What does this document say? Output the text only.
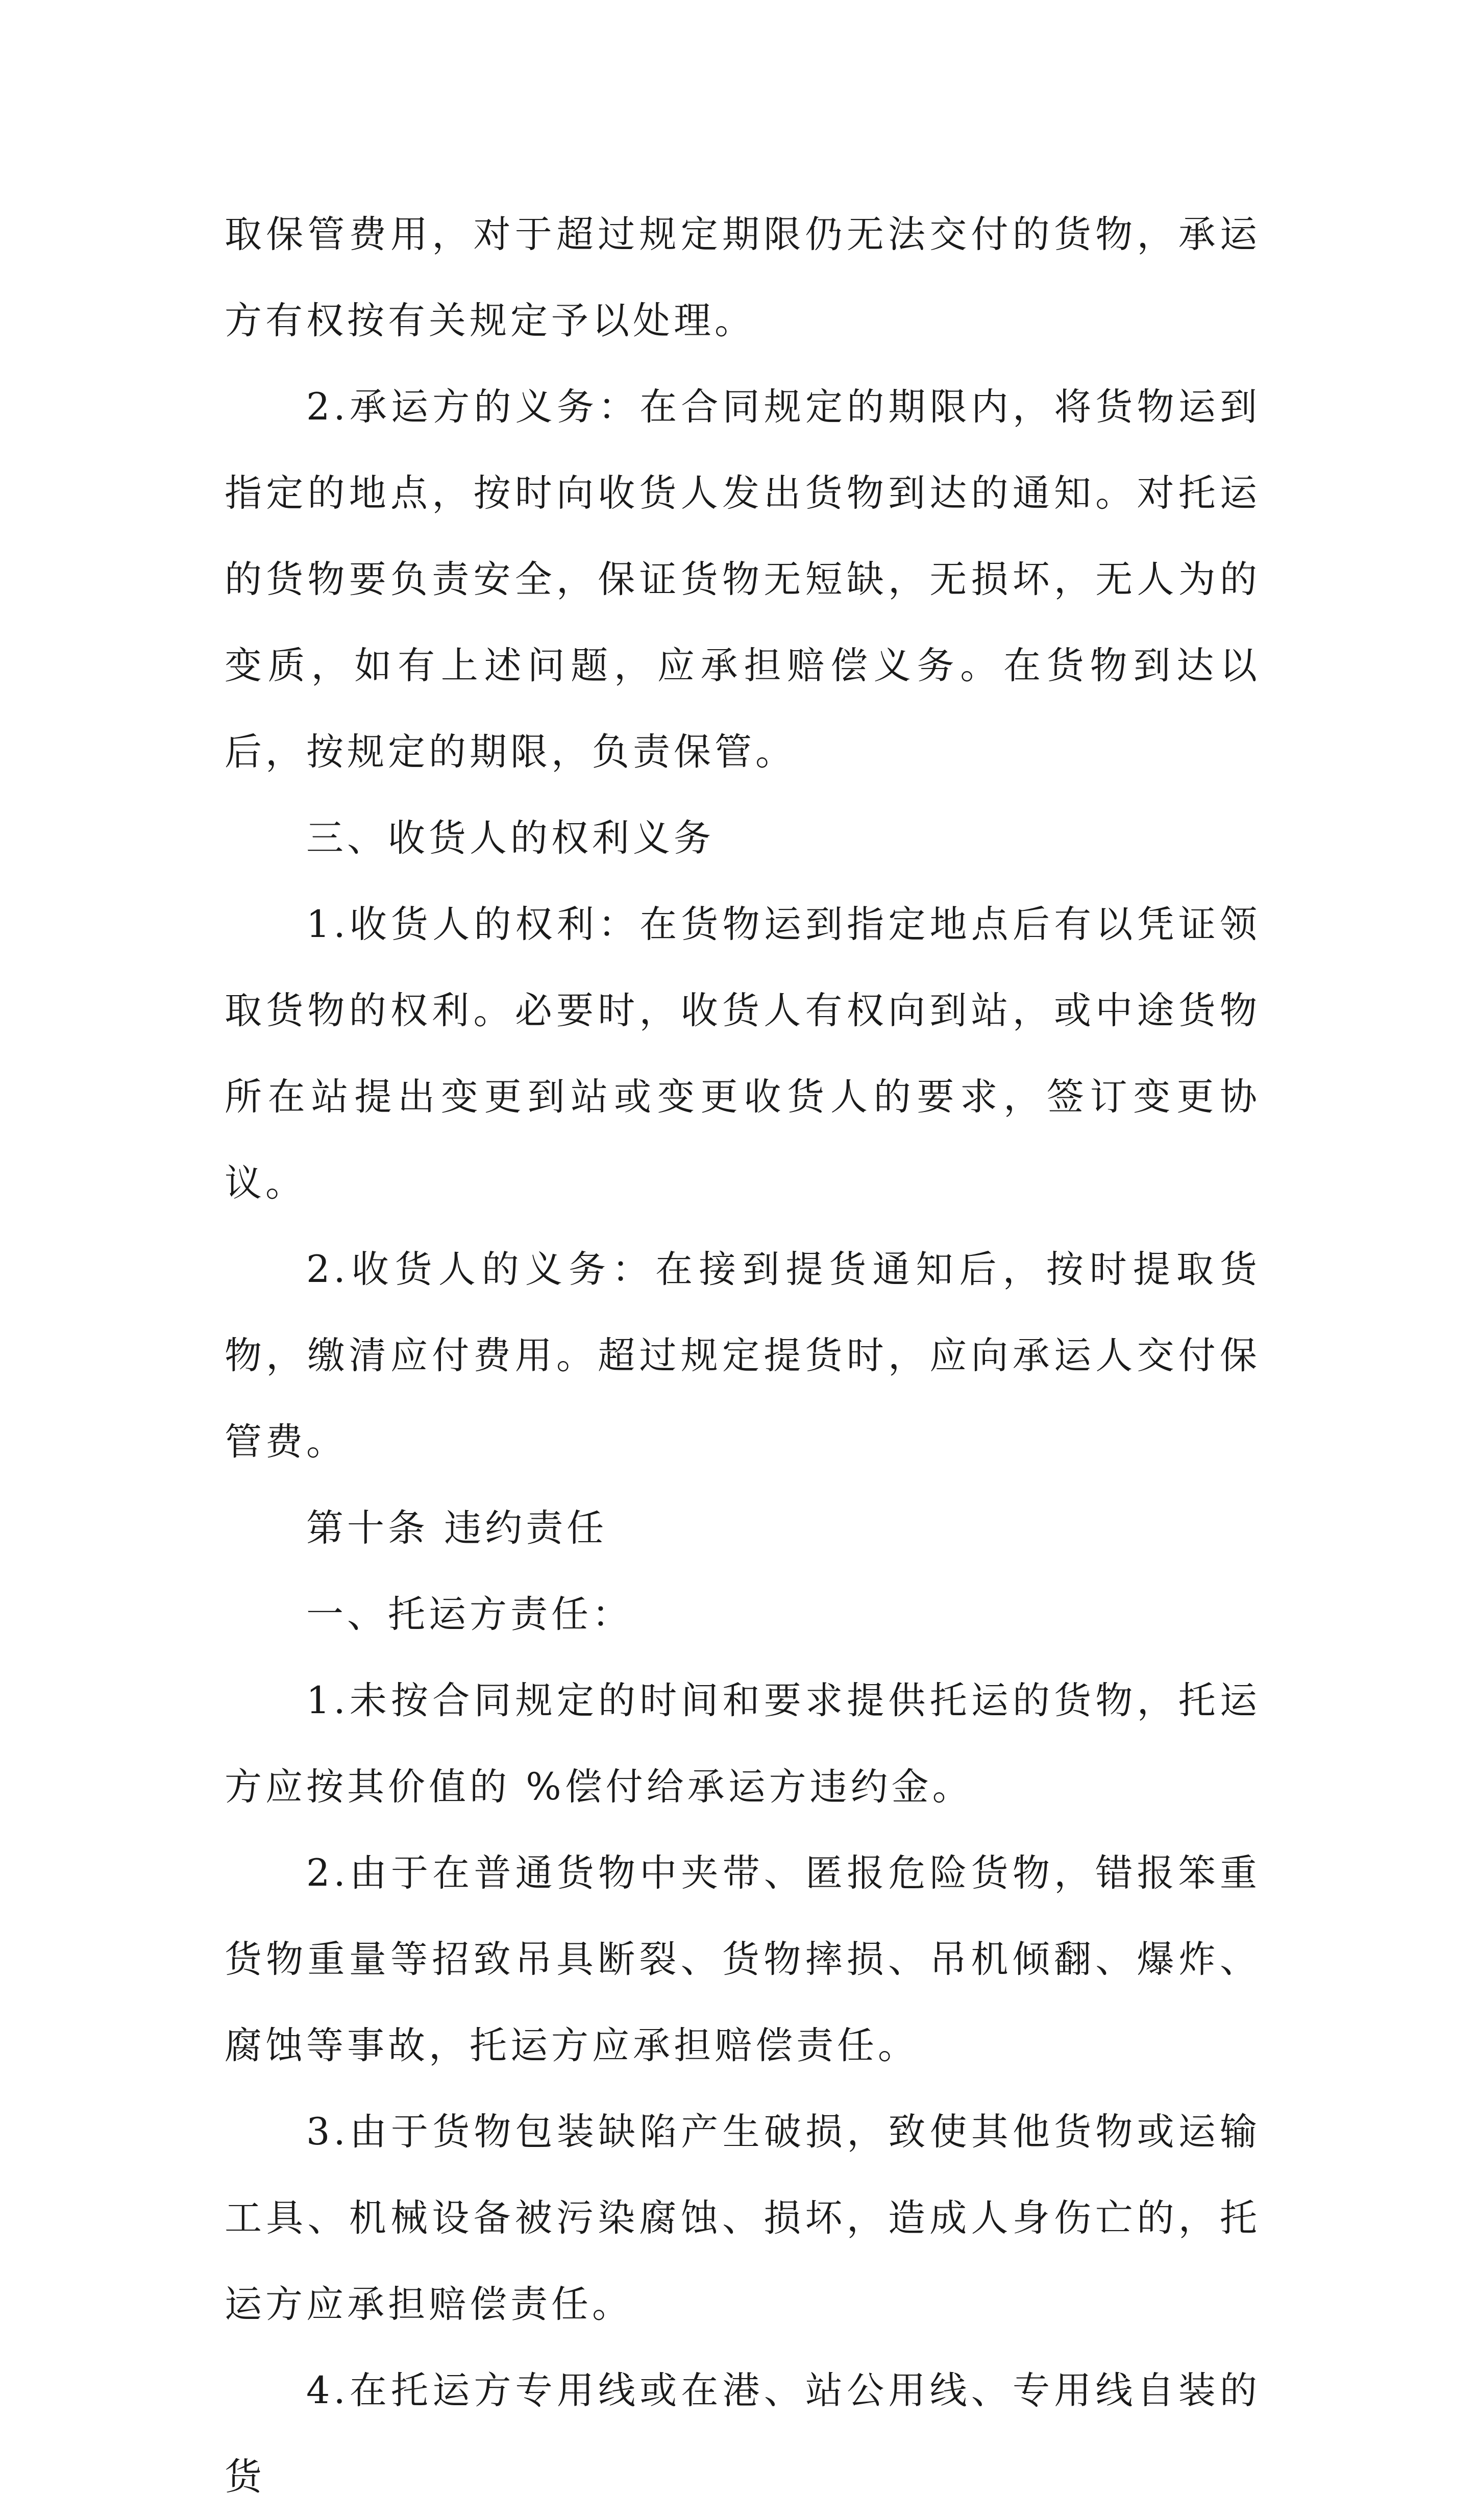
取保管费用，对于超过规定期限仍无法交付的货物，承运方有权按有关规定予以处理。

2.承运方的义务：在合同规定的期限内，将货物运到指定的地点，按时向收货人发出货物到达的通知。对托运的货物要负责安全，保证货物无短缺，无损坏，无人为的变质，如有上述问题，应承担赔偿义务。在货物到达以后，按规定的期限，负责保管。

三、收货人的权利义务

1.收货人的权利：在货物运到指定地点后有以凭证领取货物的权利。必要时，收货人有权向到站，或中途货物所在站提出变更到站或变更收货人的要求，签订变更协议。

2.收货人的义务：在接到提货通知后，按时提取货物，缴清应付费用。超过规定提货时，应向承运人交付保管费。

第十条 违约责任

一、托运方责任：

1.未按合同规定的时间和要求提供托运的货物，托运方应按其价值的 %偿付给承运方违约金。

2.由于在普通货物中夹带、匿报危险货物，错报笨重货物重量等招致吊具断裂、货物摔损、吊机倾翻、爆炸、腐蚀等事故，托运方应承担赔偿责任。

3.由于货物包装缺陷产生破损，致使其他货物或运输工具、机械设备被污染腐蚀、损坏，造成人身伤亡的，托运方应承担赔偿责任。

4.在托运方专用线或在港、站公用线、专用线自装的货
